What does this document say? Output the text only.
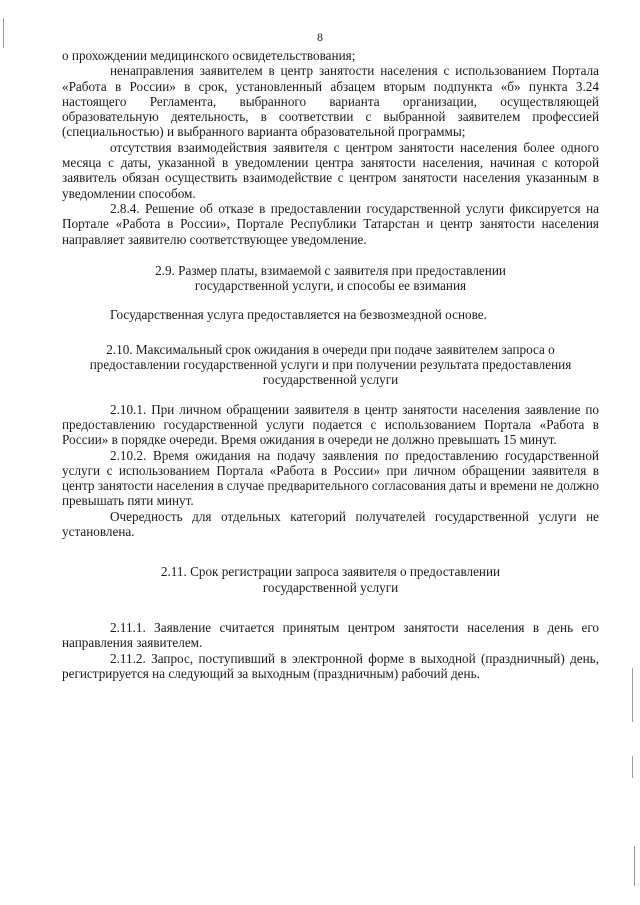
8

о прохождении медицинского освидетельствования;

ненаправления заявителем в центр занятости населения с использованием Портала «Работа в России» в срок, установленный абзацем вторым подпункта «б» пункта 3.24 настоящего Регламента, выбранного варианта организации, осуществляющей образовательную деятельность, в соответствии с выбранной заявителем профессией (специальностью) и выбранного варианта образовательной программы;

отсутствия взаимодействия заявителя с центром занятости населения более одного месяца с даты, указанной в уведомлении центра занятости населения, начиная с которой заявитель обязан осуществить взаимодействие с центром занятости населения указанным в уведомлении способом.

2.8.4. Решение об отказе в предоставлении государственной услуги фиксируется на Портале «Работа в России», Портале Республики Татарстан и центр занятости населения направляет заявителю соответствующее уведомление.

2.9. Размер платы, взимаемой с заявителя при предоставлении государственной услуги, и способы ее взимания

Государственная услуга предоставляется на безвозмездной основе.

2.10. Максимальный срок ожидания в очереди при подаче заявителем запроса о предоставлении государственной услуги и при получении результата предоставления государственной услуги

2.10.1. При личном обращении заявителя в центр занятости населения заявление по предоставлению государственной услуги подается с использованием Портала «Работа в России» в порядке очереди. Время ожидания в очереди не должно превышать 15 минут.

2.10.2. Время ожидания на подачу заявления по предоставлению государственной услуги с использованием Портала «Работа в России» при личном обращении заявителя в центр занятости населения в случае предварительного согласования даты и времени не должно превышать пяти минут.

Очередность для отдельных категорий получателей государственной услуги не установлена.

2.11. Срок регистрации запроса заявителя о предоставлении государственной услуги

2.11.1. Заявление считается принятым центром занятости населения в день его направления заявителем.

2.11.2. Запрос, поступивший в электронной форме в выходной (праздничный) день, регистрируется на следующий за выходным (праздничным) рабочий день.
